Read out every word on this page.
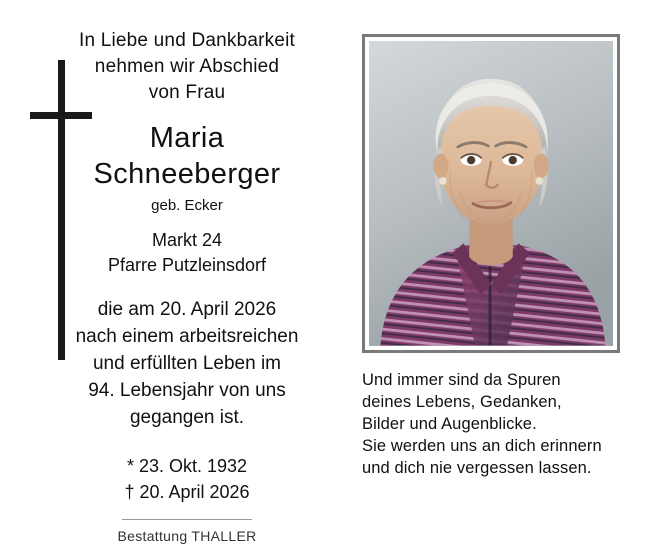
In Liebe und Dankbarkeit
nehmen wir Abschied
von Frau
Maria
Schneeberger
geb. Ecker
Markt 24
Pfarre Putzleinsdorf
die am 20. April 2026
nach einem arbeitsreichen
und erfüllten Leben im
94. Lebensjahr von uns
gegangen ist.
* 23. Okt. 1932
† 20. April 2026
Bestattung THALLER
Und immer sind da Spuren
deines Lebens, Gedanken,
Bilder und Augenblicke.
Sie werden uns an dich erinnern
und dich nie vergessen lassen.
